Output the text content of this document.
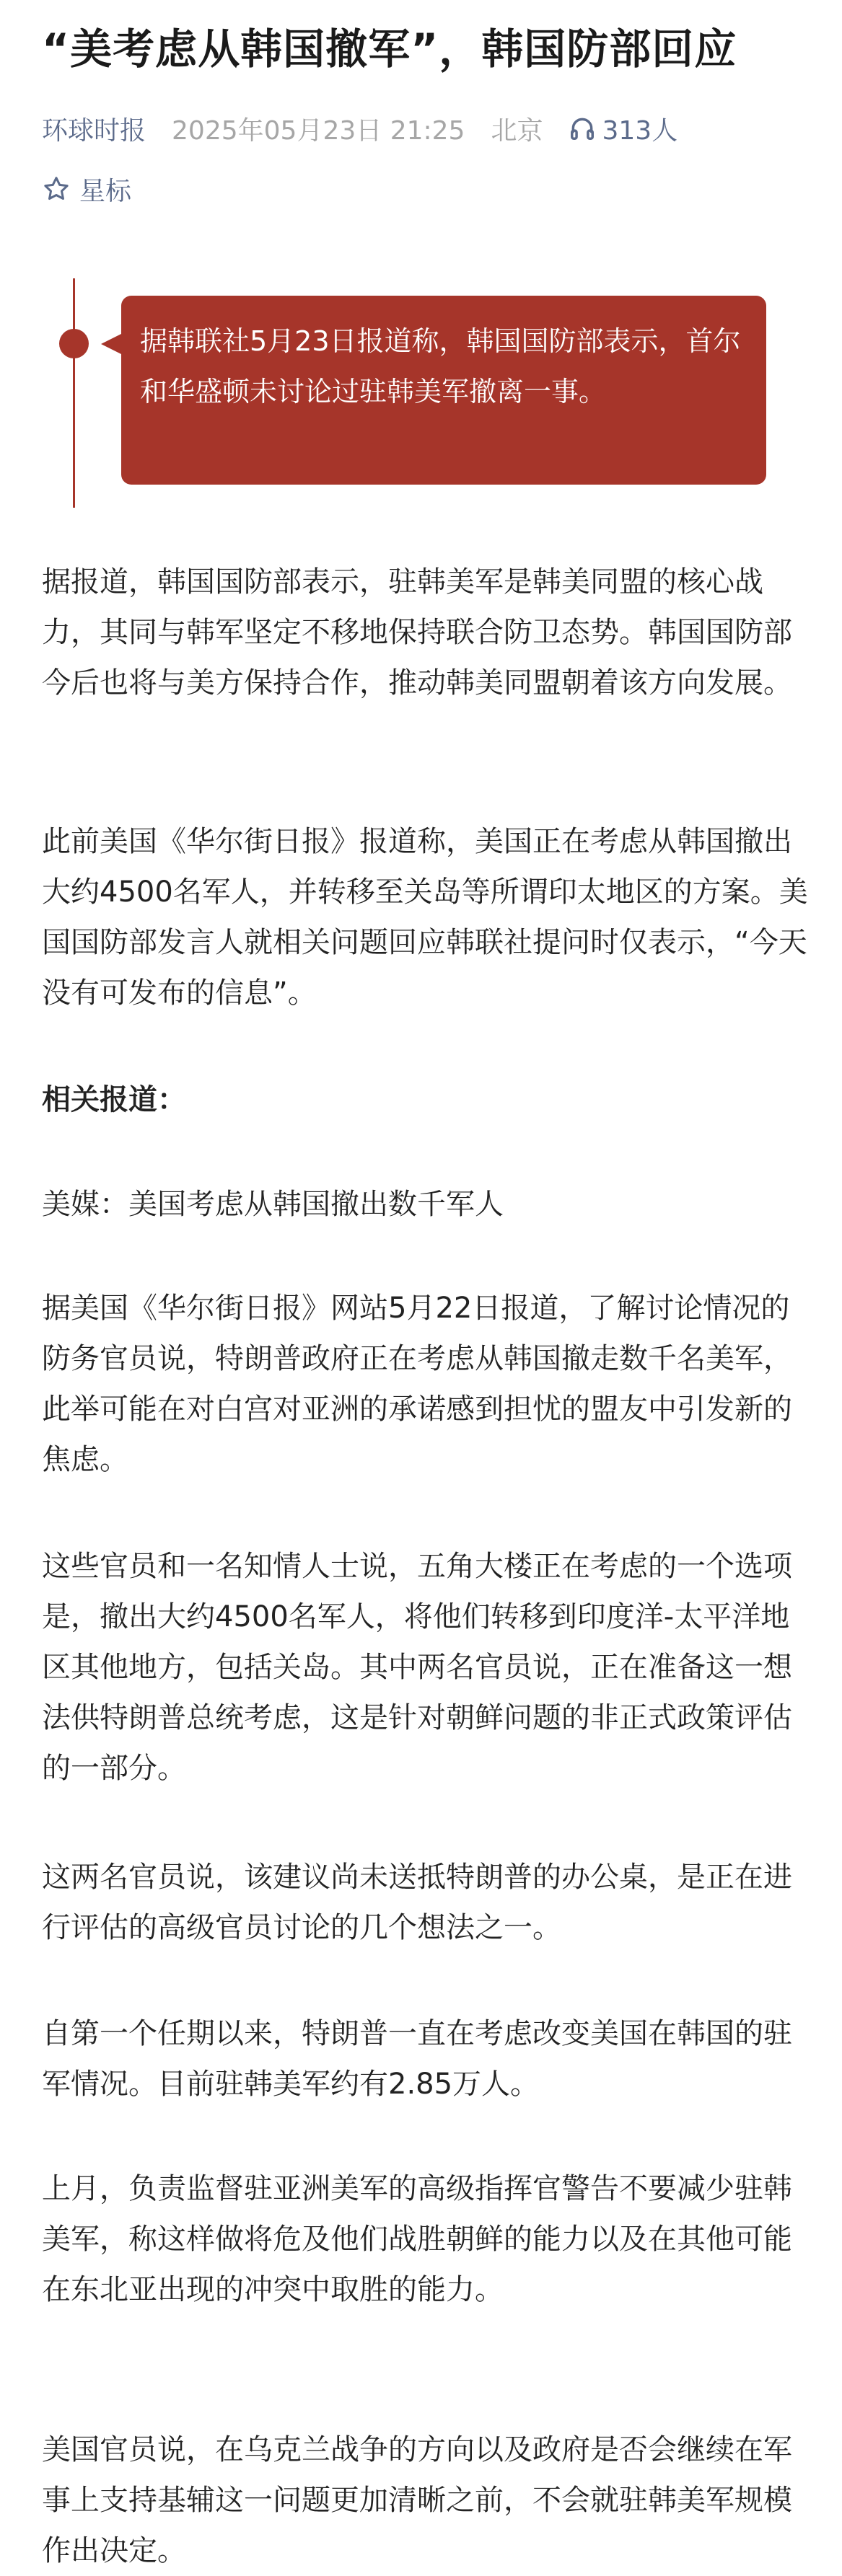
“美考虑从韩国撤军”，韩国防部回应
环球时报 2025年05月23日 21:25 北京 313人
星标
据韩联社5月23日报道称，韩国国防部表示，首尔和华盛顿未讨论过驻韩美军撤离一事。

据报道，韩国国防部表示，驻韩美军是韩美同盟的核心战力，其同与韩军坚定不移地保持联合防卫态势。韩国国防部今后也将与美方保持合作，推动韩美同盟朝着该方向发展。

此前美国《华尔街日报》报道称，美国正在考虑从韩国撤出大约4500名军人，并转移至关岛等所谓印太地区的方案。美国国防部发言人就相关问题回应韩联社提问时仅表示，“今天没有可发布的信息”。

相关报道：

美媒：美国考虑从韩国撤出数千军人

据美国《华尔街日报》网站5月22日报道，了解讨论情况的防务官员说，特朗普政府正在考虑从韩国撤走数千名美军，此举可能在对白宫对亚洲的承诺感到担忧的盟友中引发新的焦虑。

这些官员和一名知情人士说，五角大楼正在考虑的一个选项是，撤出大约4500名军人，将他们转移到印度洋-太平洋地区其他地方，包括关岛。其中两名官员说，正在准备这一想法供特朗普总统考虑，这是针对朝鲜问题的非正式政策评估的一部分。

这两名官员说，该建议尚未送抵特朗普的办公桌，是正在进行评估的高级官员讨论的几个想法之一。

自第一个任期以来，特朗普一直在考虑改变美国在韩国的驻军情况。目前驻韩美军约有2.85万人。

上月，负责监督驻亚洲美军的高级指挥官警告不要减少驻韩美军，称这样做将危及他们战胜朝鲜的能力以及在其他可能在东北亚出现的冲突中取胜的能力。

美国官员说，在乌克兰战争的方向以及政府是否会继续在军事上支持基辅这一问题更加清晰之前，不会就驻韩美军规模作出决定。
